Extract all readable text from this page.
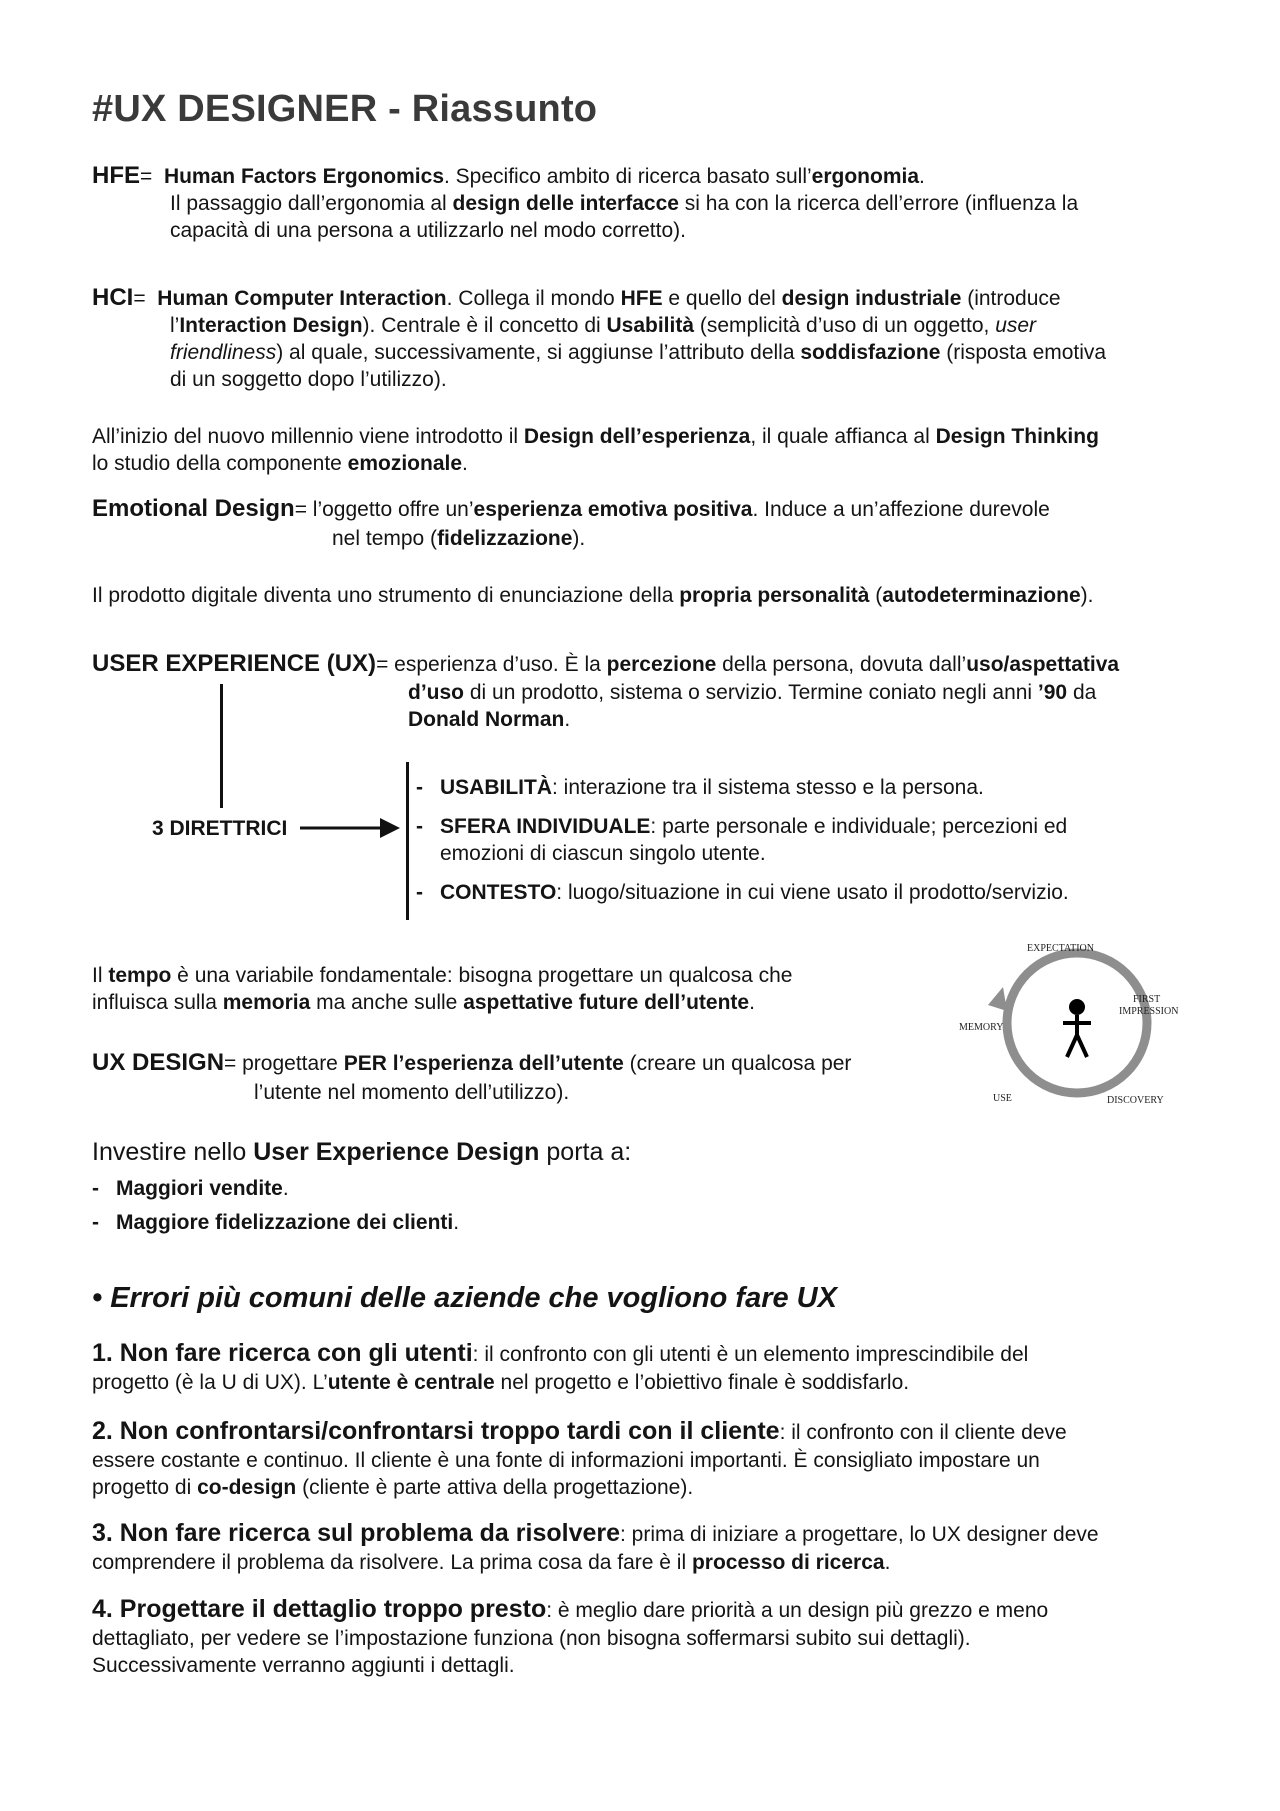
#UX DESIGNER - Riassunto
HFE= Human Factors Ergonomics. Specifico ambito di ricerca basato sull’ergonomia.
Il passaggio dall’ergonomia al design delle interfacce si ha con la ricerca dell’errore (influenza la
capacità di una persona a utilizzarlo nel modo corretto).
HCI= Human Computer Interaction. Collega il mondo HFE e quello del design industriale (introduce
l’Interaction Design). Centrale è il concetto di Usabilità (semplicità d’uso di un oggetto, user
friendliness) al quale, successivamente, si aggiunse l’attributo della soddisfazione (risposta emotiva
di un soggetto dopo l’utilizzo).
All’inizio del nuovo millennio viene introdotto il Design dell’esperienza, il quale affianca al Design Thinking
lo studio della componente emozionale.
Emotional Design= l’oggetto offre un’esperienza emotiva positiva. Induce a un’affezione durevole
nel tempo (fidelizzazione).
Il prodotto digitale diventa uno strumento di enunciazione della propria personalità (autodeterminazione).
USER EXPERIENCE (UX)= esperienza d’uso. È la percezione della persona, dovuta dall’uso/aspettativa
d’uso di un prodotto, sistema o servizio. Termine coniato negli anni ’90 da
Donald Norman.
3 DIRETTRICI
- USABILITÀ: interazione tra il sistema stesso e la persona.
- SFERA INDIVIDUALE: parte personale e individuale; percezioni ed
emozioni di ciascun singolo utente.
- CONTESTO: luogo/situazione in cui viene usato il prodotto/servizio.
Il tempo è una variabile fondamentale: bisogna progettare un qualcosa che
influisca sulla memoria ma anche sulle aspettative future dell’utente.
UX DESIGN= progettare PER l’esperienza dell’utente (creare un qualcosa per
l’utente nel momento dell’utilizzo).
EXPECTATION
FIRST
IMPRESSION
DISCOVERY
USE
MEMORY
Investire nello User Experience Design porta a:
- Maggiori vendite.
- Maggiore fidelizzazione dei clienti.
• Errori più comuni delle aziende che vogliono fare UX
1. Non fare ricerca con gli utenti: il confronto con gli utenti è un elemento imprescindibile del
progetto (è la U di UX). L’utente è centrale nel progetto e l’obiettivo finale è soddisfarlo.
2. Non confrontarsi/confrontarsi troppo tardi con il cliente: il confronto con il cliente deve
essere costante e continuo. Il cliente è una fonte di informazioni importanti. È consigliato impostare un
progetto di co-design (cliente è parte attiva della progettazione).
3. Non fare ricerca sul problema da risolvere: prima di iniziare a progettare, lo UX designer deve
comprendere il problema da risolvere. La prima cosa da fare è il processo di ricerca.
4. Progettare il dettaglio troppo presto: è meglio dare priorità a un design più grezzo e meno
dettagliato, per vedere se l’impostazione funziona (non bisogna soffermarsi subito sui dettagli).
Successivamente verranno aggiunti i dettagli.
